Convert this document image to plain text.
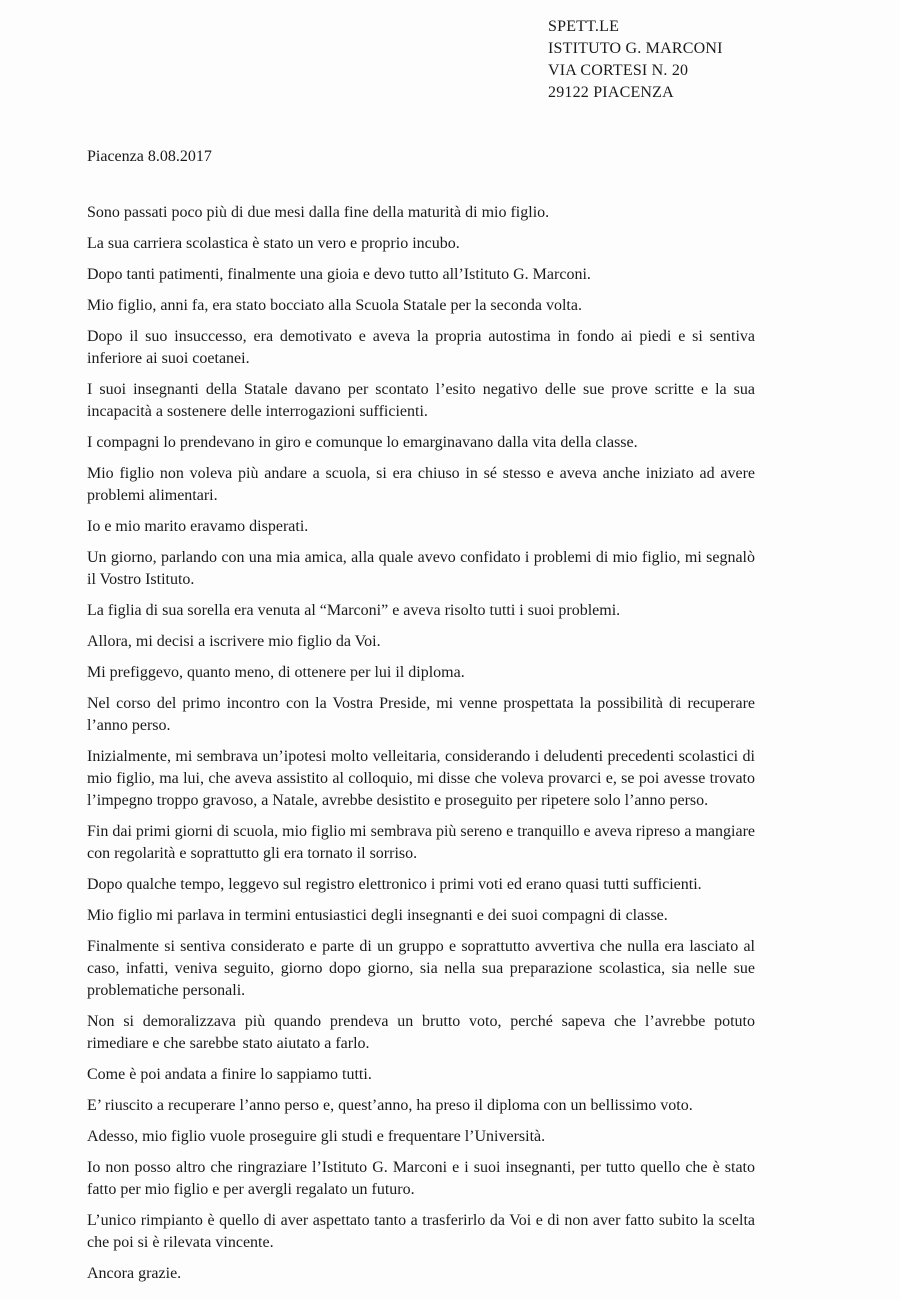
SPETT.LE
ISTITUTO G. MARCONI
VIA CORTESI N. 20
29122 PIACENZA
Piacenza 8.08.2017

Sono passati poco più di due mesi dalla fine della maturità di mio figlio.

La sua carriera scolastica è stato un vero e proprio incubo.

Dopo tanti patimenti, finalmente una gioia e devo tutto all’Istituto G. Marconi.

Mio figlio, anni fa, era stato bocciato alla Scuola Statale per la seconda volta.

Dopo il suo insuccesso, era demotivato e aveva la propria autostima in fondo ai piedi e si sentiva inferiore ai suoi coetanei.

I suoi insegnanti della Statale davano per scontato l’esito negativo delle sue prove scritte e la sua incapacità a sostenere delle interrogazioni sufficienti.

I compagni lo prendevano in giro e comunque lo emarginavano dalla vita della classe.

Mio figlio non voleva più andare a scuola, si era chiuso in sé stesso e aveva anche iniziato ad avere problemi alimentari.

Io e mio marito eravamo disperati.

Un giorno, parlando con una mia amica, alla quale avevo confidato i problemi di mio figlio, mi segnalò il Vostro Istituto.

La figlia di sua sorella era venuta al “Marconi” e aveva risolto tutti i suoi problemi.

Allora, mi decisi a iscrivere mio figlio da Voi.

Mi prefiggevo, quanto meno, di ottenere per lui il diploma.

Nel corso del primo incontro con la Vostra Preside, mi venne prospettata la possibilità di recuperare l’anno perso.

Inizialmente, mi sembrava un’ipotesi molto velleitaria, considerando i deludenti precedenti scolastici di mio figlio, ma lui, che aveva assistito al colloquio, mi disse che voleva provarci e, se poi avesse trovato l’impegno troppo gravoso, a Natale, avrebbe desistito e proseguito per ripetere solo l’anno perso.

Fin dai primi giorni di scuola, mio figlio mi sembrava più sereno e tranquillo e aveva ripreso a mangiare con regolarità e soprattutto gli era tornato il sorriso.

Dopo qualche tempo, leggevo sul registro elettronico i primi voti ed erano quasi tutti sufficienti.

Mio figlio mi parlava in termini entusiastici degli insegnanti e dei suoi compagni di classe.

Finalmente si sentiva considerato e parte di un gruppo e soprattutto avvertiva che nulla era lasciato al caso, infatti, veniva seguito, giorno dopo giorno, sia nella sua preparazione scolastica, sia nelle sue problematiche personali.

Non si demoralizzava più quando prendeva un brutto voto, perché sapeva che l’avrebbe potuto rimediare e che sarebbe stato aiutato a farlo.

Come è poi andata a finire lo sappiamo tutti.

E’ riuscito a recuperare l’anno perso e, quest’anno, ha preso il diploma con un bellissimo voto.

Adesso, mio figlio vuole proseguire gli studi e frequentare l’Università.

Io non posso altro che ringraziare l’Istituto G. Marconi e i suoi insegnanti, per tutto quello che è stato fatto per mio figlio e per avergli regalato un futuro.

L’unico rimpianto è quello di aver aspettato tanto a trasferirlo da Voi e di non aver fatto subito la scelta che poi si è rilevata vincente.

Ancora grazie.
